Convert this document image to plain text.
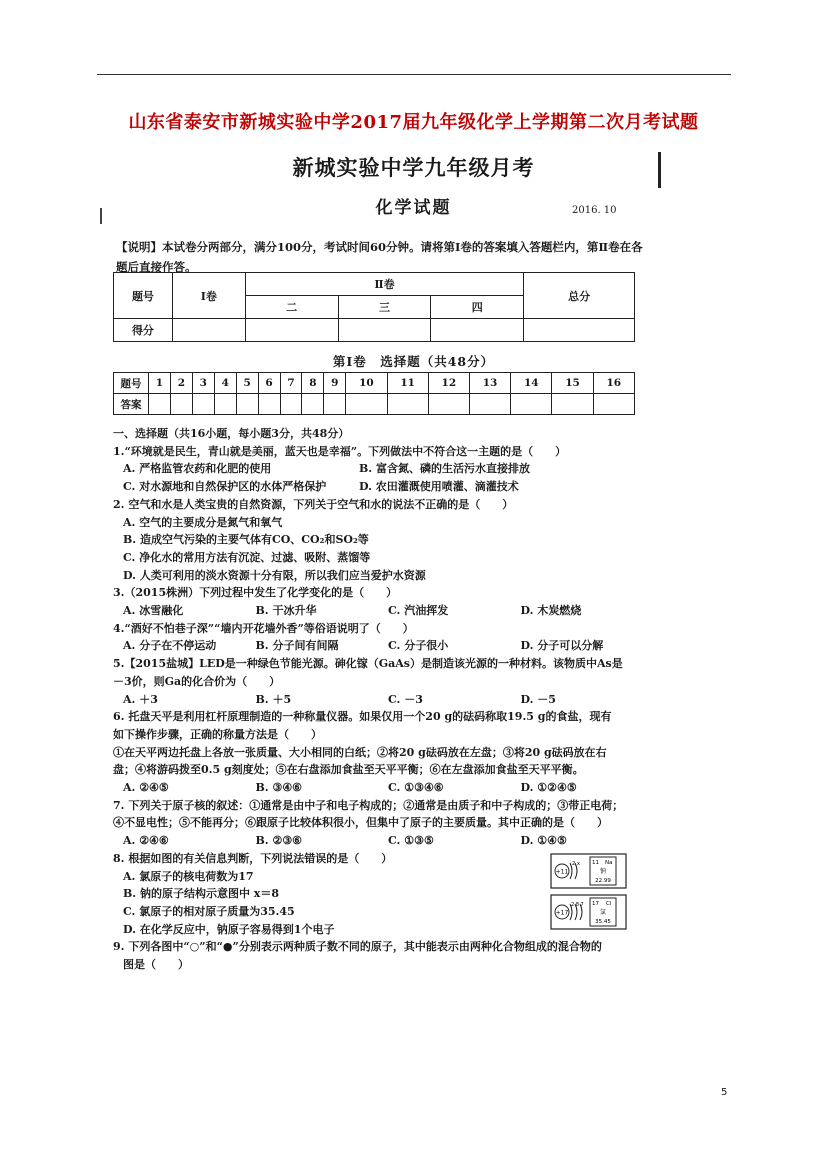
山东省泰安市新城实验中学2017届九年级化学上学期第二次月考试题
新城实验中学九年级月考
化学试题	2016. 10
【说明】本试卷分两部分，满分100分，考试时间60分钟。请将第Ⅰ卷的答案填入答题栏内，第Ⅱ卷在各题后直接作答。
题号	Ⅰ卷	Ⅱ卷			总分
		二	三	四	
得分					
第Ⅰ卷　选择题（共48分）
题号	1	2	3	4	5	6	7	8	9	10	11	12	13	14	15	16
答案																
一、选择题（共16小题，每小题3分，共48分）
1.“环境就是民生，青山就是美丽，蓝天也是幸福”。下列做法中不符合这一主题的是（　　）
A. 严格监管农药和化肥的使用	B. 富含氮、磷的生活污水直接排放
C. 对水源地和自然保护区的水体严格保护	D. 农田灌溉使用喷灌、滴灌技术
2. 空气和水是人类宝贵的自然资源，下列关于空气和水的说法不正确的是（　　）
A. 空气的主要成分是氮气和氧气
B. 造成空气污染的主要气体有CO、CO₂和SO₂等
C. 净化水的常用方法有沉淀、过滤、吸附、蒸馏等
D. 人类可利用的淡水资源十分有限，所以我们应当爱护水资源
3.（2015株洲）下列过程中发生了化学变化的是（　　）
A. 冰雪融化	B. 干冰升华	C. 汽油挥发	D. 木炭燃烧
4.“酒好不怕巷子深”“墙内开花墙外香”等俗语说明了（　　）
A. 分子在不停运动	B. 分子间有间隔	C. 分子很小	D. 分子可以分解
5.【2015盐城】LED是一种绿色节能光源。砷化镓（GaAs）是制造该光源的一种材料。该物质中As是
－3价，则Ga的化合价为（　　）
A. ＋3	B. ＋5	C. －3	D. －5
6. 托盘天平是利用杠杆原理制造的一种称量仪器。如果仅用一个20 g的砝码称取19.5 g的食盐，现有
如下操作步骤，正确的称量方法是（　　）
①在天平两边托盘上各放一张质量、大小相同的白纸；②将20 g砝码放在左盘；③将20 g砝码放在右
盘；④将游码拨至0.5 g刻度处；⑤在右盘添加食盐至天平平衡；⑥在左盘添加食盐至天平平衡。
A. ②④⑤	B. ③④⑥	C. ①③④⑥	D. ①②④⑤
7. 下列关于原子核的叙述：①通常是由中子和电子构成的；②通常是由质子和中子构成的；③带正电荷；
④不显电性；⑤不能再分；⑥跟原子比较体积很小，但集中了原子的主要质量。其中正确的是（　　）
A. ②④⑥	B. ②③⑥	C. ①③⑤	D. ①④⑤
8. 根据如图的有关信息判断，下列说法错误的是（　　）
A. 氯原子的核电荷数为17
B. 钠的原子结构示意图中 x＝8
C. 氯原子的相对原子质量为35.45
D. 在化学反应中，钠原子容易得到1个电子
9. 下列各图中“○”和“●”分别表示两种质子数不同的原子，其中能表示由两种化合物组成的混合物的
图是（　　）
+11
2 x 11 Na
钠
22.99
+17
2 8 7 17 Cl
氯
35.45
5
